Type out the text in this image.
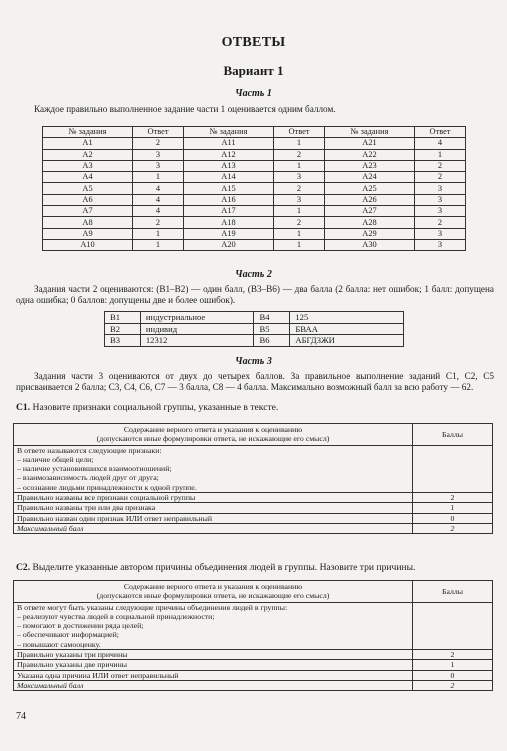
ОТВЕТЫ
Вариант 1
Часть 1
Каждое правильно выполненное задание части 1 оценивается одним баллом.
№ задания	Ответ	№ задания	Ответ	№ задания	Ответ
A1	2	A11	1	A21	4
A2	3	A12	2	A22	1
A3	3	A13	1	A23	2
A4	1	A14	3	A24	2
A5	4	A15	2	A25	3
A6	4	A16	3	A26	3
A7	4	A17	1	A27	3
A8	2	A18	2	A28	2
A9	1	A19	1	A29	3
A10	1	A20	1	A30	3
Часть 2
Задания части 2 оцениваются: (В1–В2) — один балл, (В3–В6) — два балла (2 балла: нет ошибок; 1 балл: допущена одна ошибка; 0 баллов: допущены две и более ошибок).
В1	индустриальное	В4	125
В2	индивид	В5	БВАА
В3	12312	В6	АБГДЗЖИ
Часть 3
Задания части 3 оцениваются от двух до четырех баллов. За правильное выполнение заданий С1, С2, С5 присваивается 2 балла; С3, С4, С6, С7 — 3 балла, С8 — 4 балла. Максимально возможный балл за всю работу — 62.
С1. Назовите признаки социальной группы, указанные в тексте.
Содержание верного ответа и указания к оцениванию
(допускаются иные формулировки ответа, не искажающие его смысл)	Баллы

В ответе называются следующие признаки:
– наличие общей цели;
– наличие установившихся взаимоотношений;
– взаимозависимость людей друг от друга;
– осознание людьми принадлежности к одной группе.	

Правильно названы все признаки социальной группы	2
Правильно названы три или два признака	1
Правильно назван один признак ИЛИ ответ неправильный	0
Максимальный балл	2
С2. Выделите указанные автором причины объединения людей в группы. Назовите три причины.
Содержание верного ответа и указания к оцениванию
(допускаются иные формулировки ответа, не искажающие его смысл)	Баллы

В ответе могут быть указаны следующие причины объединения людей в группы:
– реализуют чувства людей в социальной принадлежности;
– помогают в достижении ряда целей;
– обеспечивают информацией;
– повышают самооценку.	

Правильно указаны три причины	2
Правильно указаны две причины	1
Указана одна причина ИЛИ ответ неправильный	0
Максимальный балл	2
74
